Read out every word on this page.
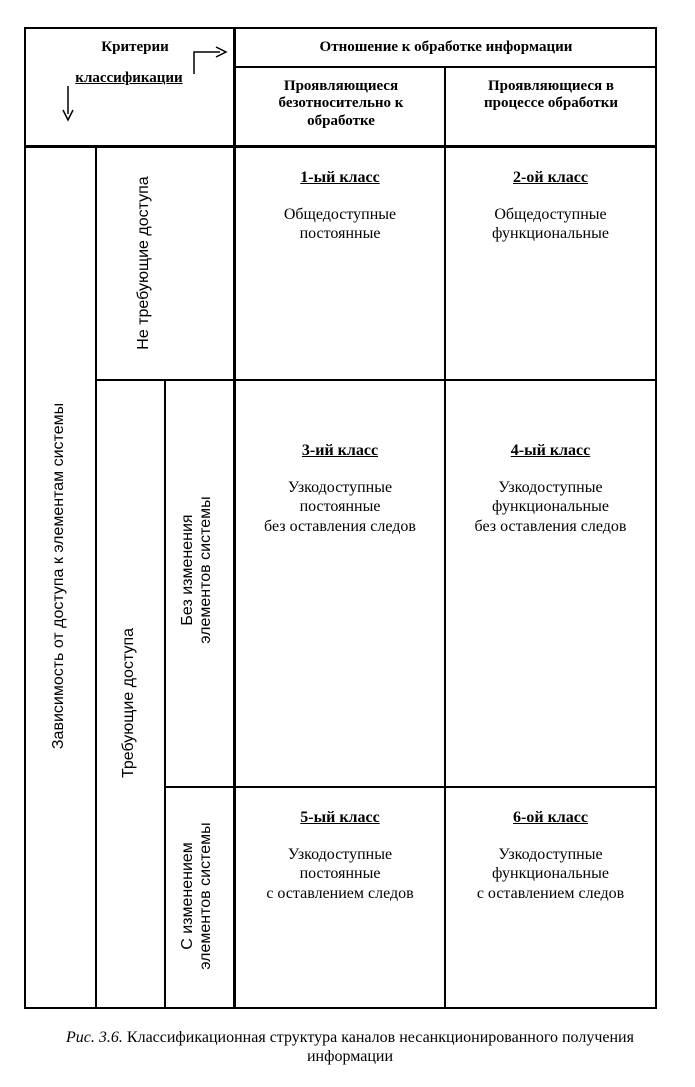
Критерии
классификации
Отношение к обработке информации
Проявляющиеся безотносительно к обработке
Проявляющиеся в процессе обработки
Зависимость от доступа к элементам системы
Не требующие доступа
Требующие доступа
Без изменения элементов системы
С изменением элементов системы
1-ый класс
Общедоступные
постоянные
2-ой класс
Общедоступные
функциональные
3-ий класс
Узкодоступные
постоянные
без оставления следов
4-ый класс
Узкодоступные
функциональные
без оставления следов
5-ый класс
Узкодоступные
постоянные
с оставлением следов
6-ой класс
Узкодоступные
функциональные
с оставлением следов
Рис. 3.6. Классификационная структура каналов несанкционированного получения информации
